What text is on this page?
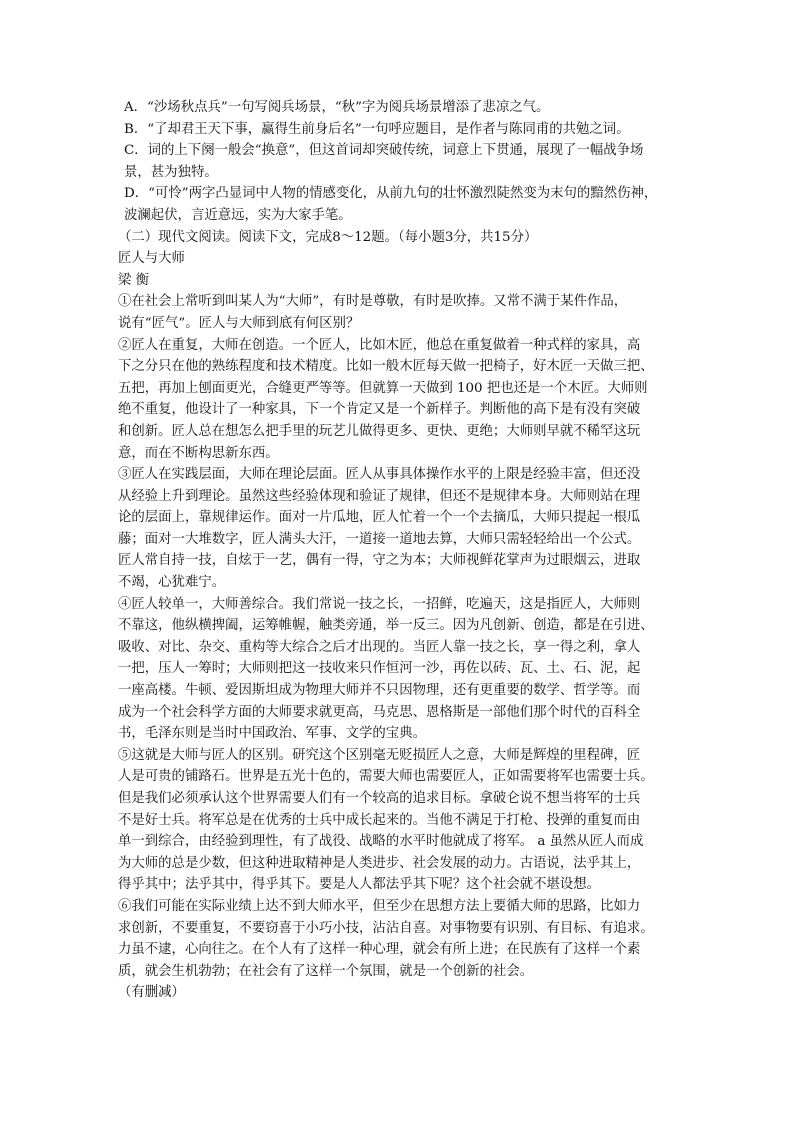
A．“沙场秋点兵”一句写阅兵场景，“秋”字为阅兵场景增添了悲凉之气。
B．“了却君王天下事，赢得生前身后名”一句呼应题目，是作者与陈同甫的共勉之词。
C．词的上下阕一般会“换意”，但这首词却突破传统，词意上下贯通，展现了一幅战争场
景，甚为独特。
D．“可怜”两字凸显词中人物的情感变化，从前九句的壮怀激烈陡然变为末句的黯然伤神，
波澜起伏，言近意远，实为大家手笔。
（二）现代文阅读。阅读下文，完成8～12题。（每小题3分，共15分）
匠人与大师
梁 衡
①在社会上常听到叫某人为“大师”，有时是尊敬，有时是吹捧。又常不满于某件作品，
说有“匠气”。匠人与大师到底有何区别？
②匠人在重复，大师在创造。一个匠人，比如木匠，他总在重复做着一种式样的家具，高
下之分只在他的熟练程度和技术精度。比如一般木匠每天做一把椅子，好木匠一天做三把、
五把，再加上刨面更光，合缝更严等等。但就算一天做到 100 把也还是一个木匠。大师则
绝不重复，他设计了一种家具，下一个肯定又是一个新样子。判断他的高下是有没有突破
和创新。匠人总在想怎么把手里的玩艺儿做得更多、更快、更绝；大师则早就不稀罕这玩
意，而在不断构思新东西。
③匠人在实践层面，大师在理论层面。匠人从事具体操作水平的上限是经验丰富，但还没
从经验上升到理论。虽然这些经验体现和验证了规律，但还不是规律本身。大师则站在理
论的层面上，靠规律运作。面对一片瓜地，匠人忙着一个一个去摘瓜，大师只提起一根瓜
藤；面对一大堆数字，匠人满头大汗，一道接一道地去算，大师只需轻轻给出一个公式。
匠人常自持一技，自炫于一艺，偶有一得，守之为本；大师视鲜花掌声为过眼烟云，进取
不竭，心犹难宁。
④匠人较单一，大师善综合。我们常说一技之长，一招鲜，吃遍天，这是指匠人，大师则
不靠这，他纵横捭阖，运筹帷幄，触类旁通，举一反三。因为凡创新、创造，都是在引进、
吸收、对比、杂交、重构等大综合之后才出现的。当匠人靠一技之长，享一得之利，拿人
一把，压人一筹时；大师则把这一技收来只作恒河一沙，再佐以砖、瓦、土、石、泥，起
一座高楼。牛顿、爱因斯坦成为物理大师并不只因物理，还有更重要的数学、哲学等。而
成为一个社会科学方面的大师要求就更高，马克思、恩格斯是一部他们那个时代的百科全
书，毛泽东则是当时中国政治、军事、文学的宝典。
⑤这就是大师与匠人的区别。研究这个区别毫无贬损匠人之意，大师是辉煌的里程碑，匠
人是可贵的铺路石。世界是五光十色的，需要大师也需要匠人，正如需要将军也需要士兵。
但是我们必须承认这个世界需要人们有一个较高的追求目标。拿破仑说不想当将军的士兵
不是好士兵。将军总是在优秀的士兵中成长起来的。当他不满足于打枪、投弹的重复而由
单一到综合，由经验到理性，有了战役、战略的水平时他就成了将军。 a 虽然从匠人而成
为大师的总是少数，但这种进取精神是人类进步、社会发展的动力。古语说，法乎其上，
得乎其中；法乎其中，得乎其下。要是人人都法乎其下呢？这个社会就不堪设想。
⑥我们可能在实际业绩上达不到大师水平，但至少在思想方法上要循大师的思路，比如力
求创新，不要重复，不要窃喜于小巧小技，沾沾自喜。对事物要有识别、有目标、有追求。
力虽不逮，心向往之。在个人有了这样一种心理，就会有所上进；在民族有了这样一个素
质，就会生机勃勃；在社会有了这样一个氛围，就是一个创新的社会。
（有删减）
